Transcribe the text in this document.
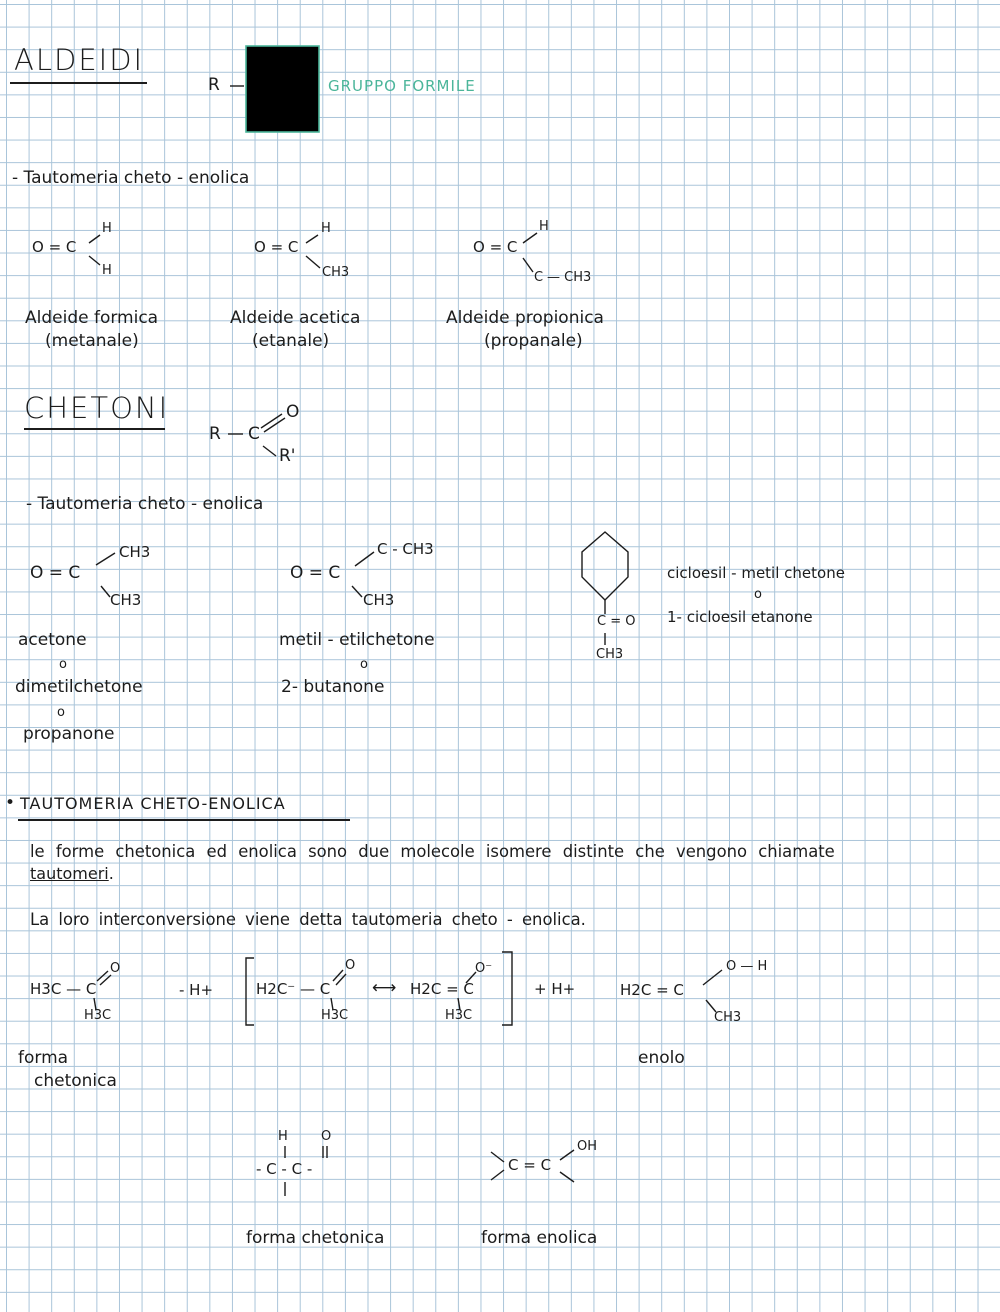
ALDEIDI
R	GRUPPO FORMILE
- Tautomeria cheto - enolica
O = C
H
H
Aldeide formica
(metanale)
O = C
H
CH3
Aldeide acetica
(etanale)
O = C
H
C — CH3
Aldeide propionica
(propanale)
CHETONI
R C
O
R'
- Tautomeria cheto - enolica
O = C
CH3
CH3
acetone
o
dimetilchetone
o
propanone
O = C
C - CH3
CH3
metil - etilchetone
o
2- butanone
C = O
CH3
cicloesil - metil chetone
o
1- cicloesil etanone
• TAUTOMERIA CHETO-ENOLICA
le forme chetonica ed enolica sono due molecole isomere distinte che vengono chiamate
tautomeri.
La loro interconversione viene detta tautomeria cheto - enolica.
H3C — C
O
H3C
- H+	H2C⁻ — C
O
H3C
⟷ H2C = C
O⁻
H3C
+ H+	H2C = C
O — H
CH3
forma
chetonica
enolo
H	O
- C - C -	C = C
OH
forma chetonica	forma enolica
